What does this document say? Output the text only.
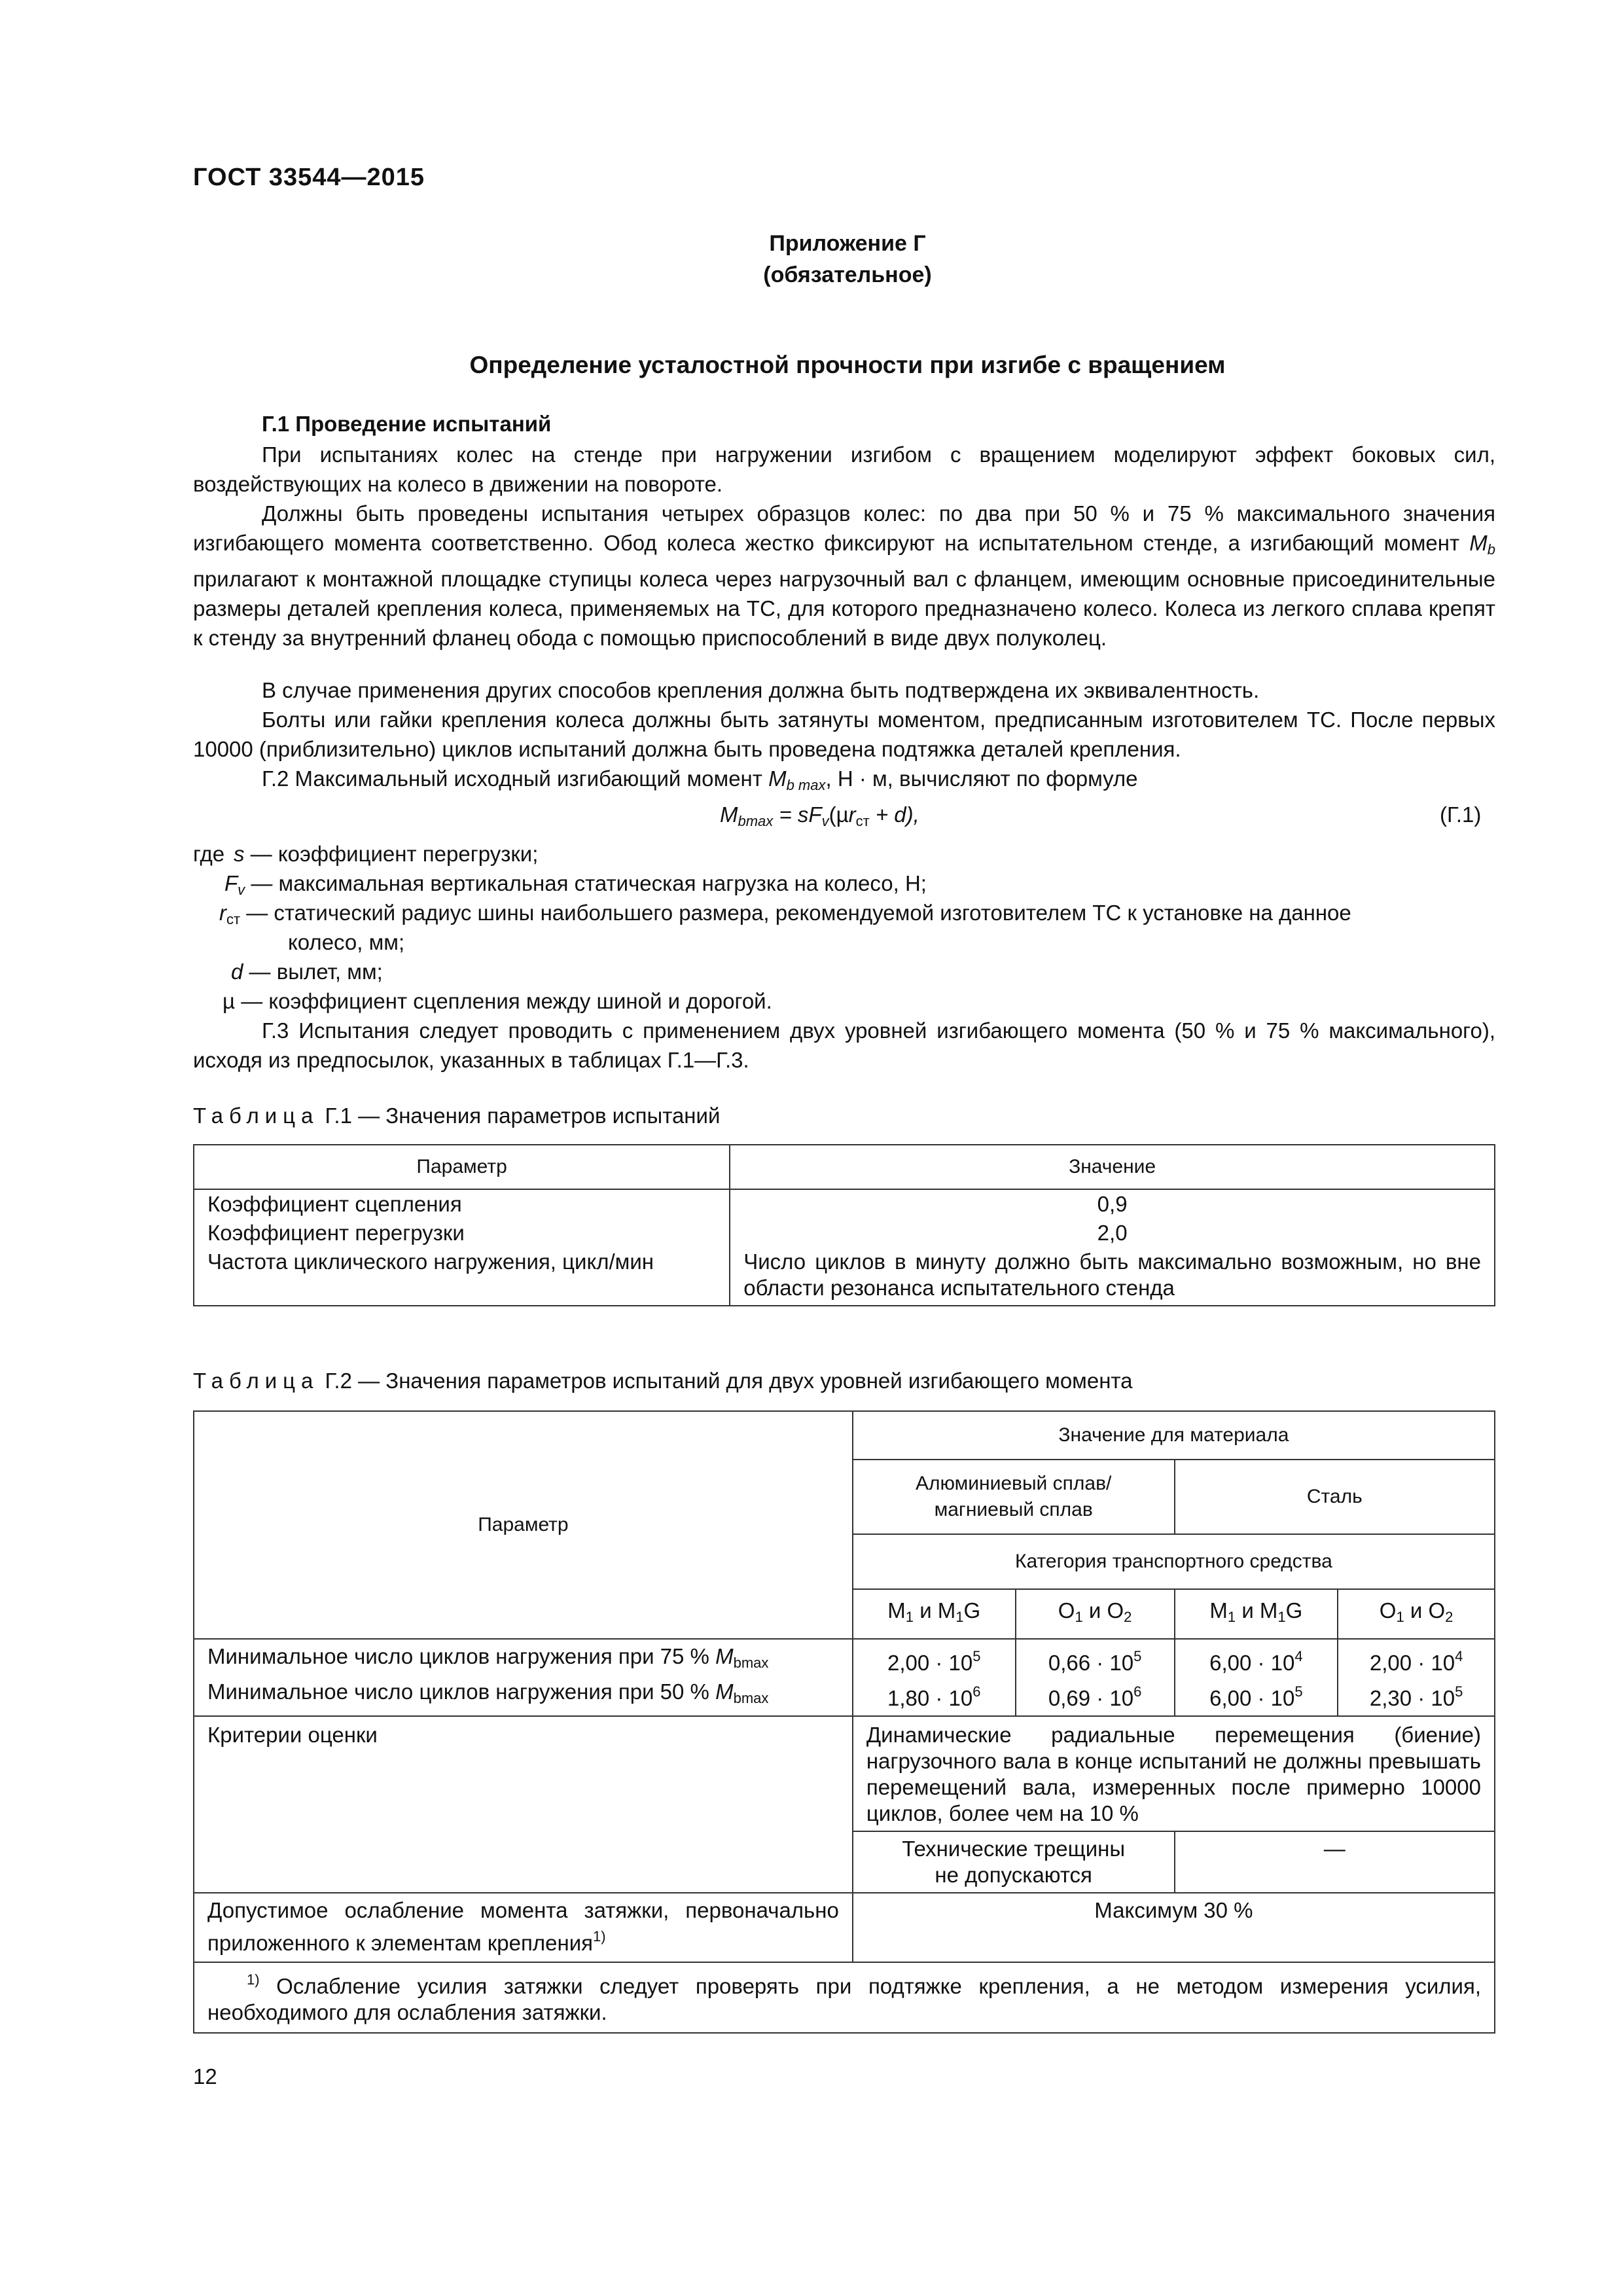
ГОСТ 33544—2015
Приложение Г
(обязательное)
Определение усталостной прочности при изгибе с вращением
Г.1 Проведение испытаний
При испытаниях колес на стенде при нагружении изгибом с вращением моделируют эффект боковых сил, воздействующих на колесо в движении на повороте.
Должны быть проведены испытания четырех образцов колес: по два при 50 % и 75 % максимального значения изгибающего момента соответственно. Обод колеса жестко фиксируют на испытательном стенде, а изгибающий момент $M_b$ прилагают к монтажной площадке ступицы колеса через нагрузочный вал с фланцем, имеющим основные присоединительные размеры деталей крепления колеса, применяемых на ТС, для которого предназначено колесо. Колеса из легкого сплава крепят к стенду за внутренний фланец обода с помощью приспособлений в виде двух полуколец.
В случае применения других способов крепления должна быть подтверждена их эквивалентность.
Болты или гайки крепления колеса должны быть затянуты моментом, предписанным изготовителем ТС. После первых 10000 (приблизительно) циклов испытаний должна быть проведена подтяжка деталей крепления.
Г.2 Максимальный исходный изгибающий момент $M_{b max}$, Н · м, вычисляют по формуле
$M_{bmax} = sF_v(\mu r_{ст} + d)$,	(Г.1)
где s — коэффициент перегрузки;
$F_v$ — максимальная вертикальная статическая нагрузка на колесо, Н;
$r_{ст}$ — статический радиус шины наибольшего размера, рекомендуемой изготовителем ТС к установке на данное
колесо, мм;
d — вылет, мм;
µ — коэффициент сцепления между шиной и дорогой.
Г.3 Испытания следует проводить с применением двух уровней изгибающего момента (50 % и 75 % максимального), исходя из предпосылок, указанных в таблицах Г.1—Г.3.
Таблица Г.1 — Значения параметров испытаний
Параметр	Значение
Коэффициент сцепления	0,9
Коэффициент перегрузки	2,0
Частота циклического нагружения, цикл/мин	Число циклов в минуту должно быть максимально возможным, но вне области резонанса испытательного стенда
Таблица Г.2 — Значения параметров испытаний для двух уровней изгибающего момента
Параметр	Значение для материала			
	Алюминиевый сплав/магниевый сплав		Сталь	
	Категория транспортного средства			
	$M_1$ и $M_1G$	$O_1$ и $O_2$	$M_1$ и $M_1G$	$O_1$ и $O_2$
Минимальное число циклов нагружения при 75 % $M_{bmax}$	$2,00 \cdot 10^5$	$0,66 \cdot 10^5$	$6,00 \cdot 10^4$	$2,00 \cdot 10^4$
Минимальное число циклов нагружения при 50 % $M_{bmax}$	$1,80 \cdot 10^6$	$0,69 \cdot 10^6$	$6,00 \cdot 10^5$	$2,30 \cdot 10^5$
Критерии оценки	Динамические радиальные перемещения (биение) нагрузочного вала в конце испытаний не должны превышать перемещений вала, измеренных после примерно 10000 циклов, более чем на 10 %			
	Технические трещины не допускаются		—	
Допустимое ослабление момента затяжки, первоначально приложенного к элементам крепления$^{1)}$	Максимум 30 %			
$^{1)}$ Ослабление усилия затяжки следует проверять при подтяжке крепления, а не методом измерения усилия, необходимого для ослабления затяжки.				
12
